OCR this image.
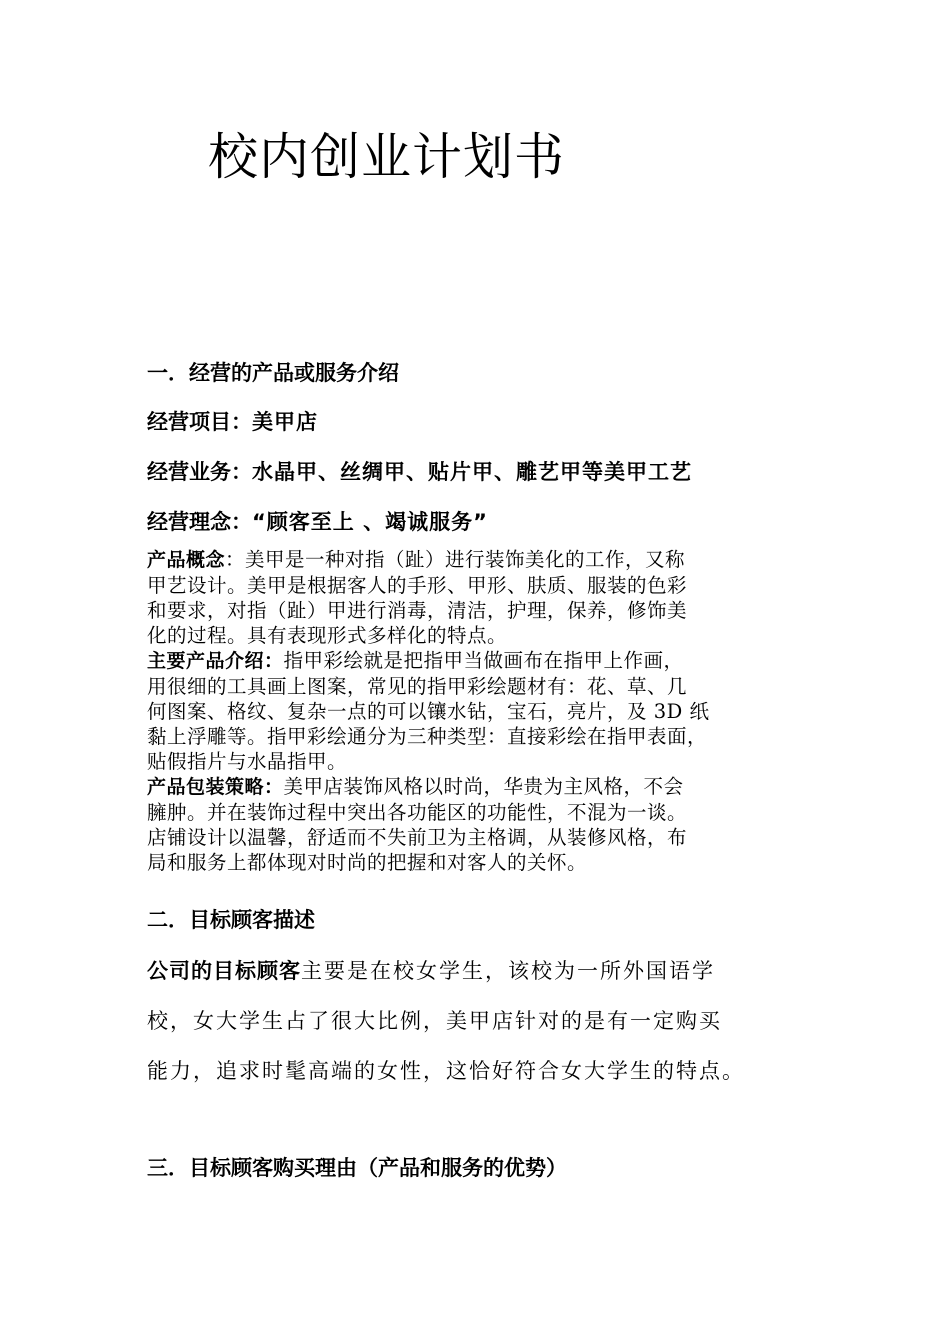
校内创业计划书
一．经营的产品或服务介绍
经营项目：美甲店
经营业务：水晶甲、丝绸甲、贴片甲、雕艺甲等美甲工艺
经营理念：“顾客至上 、竭诚服务”
产品概念：美甲是一种对指（趾）进行装饰美化的工作，又称
甲艺设计。美甲是根据客人的手形、甲形、肤质、服装的色彩
和要求，对指（趾）甲进行消毒，清洁，护理，保养，修饰美
化的过程。具有表现形式多样化的特点。
主要产品介绍：指甲彩绘就是把指甲当做画布在指甲上作画，
用很细的工具画上图案，常见的指甲彩绘题材有：花、草、几
何图案、格纹、复杂一点的可以镶水钻，宝石，亮片，及 3D 纸
黏上浮雕等。指甲彩绘通分为三种类型：直接彩绘在指甲表面，
贴假指片与水晶指甲。
产品包装策略：美甲店装饰风格以时尚，华贵为主风格，不会
臃肿。并在装饰过程中突出各功能区的功能性，不混为一谈。
店铺设计以温馨，舒适而不失前卫为主格调，从装修风格，布
局和服务上都体现对时尚的把握和对客人的关怀。
二．目标顾客描述
公司的目标顾客主要是在校女学生，该校为一所外国语学
校，女大学生占了很大比例，美甲店针对的是有一定购买
能力，追求时髦高端的女性，这恰好符合女大学生的特点。
三．目标顾客购买理由（产品和服务的优势）
